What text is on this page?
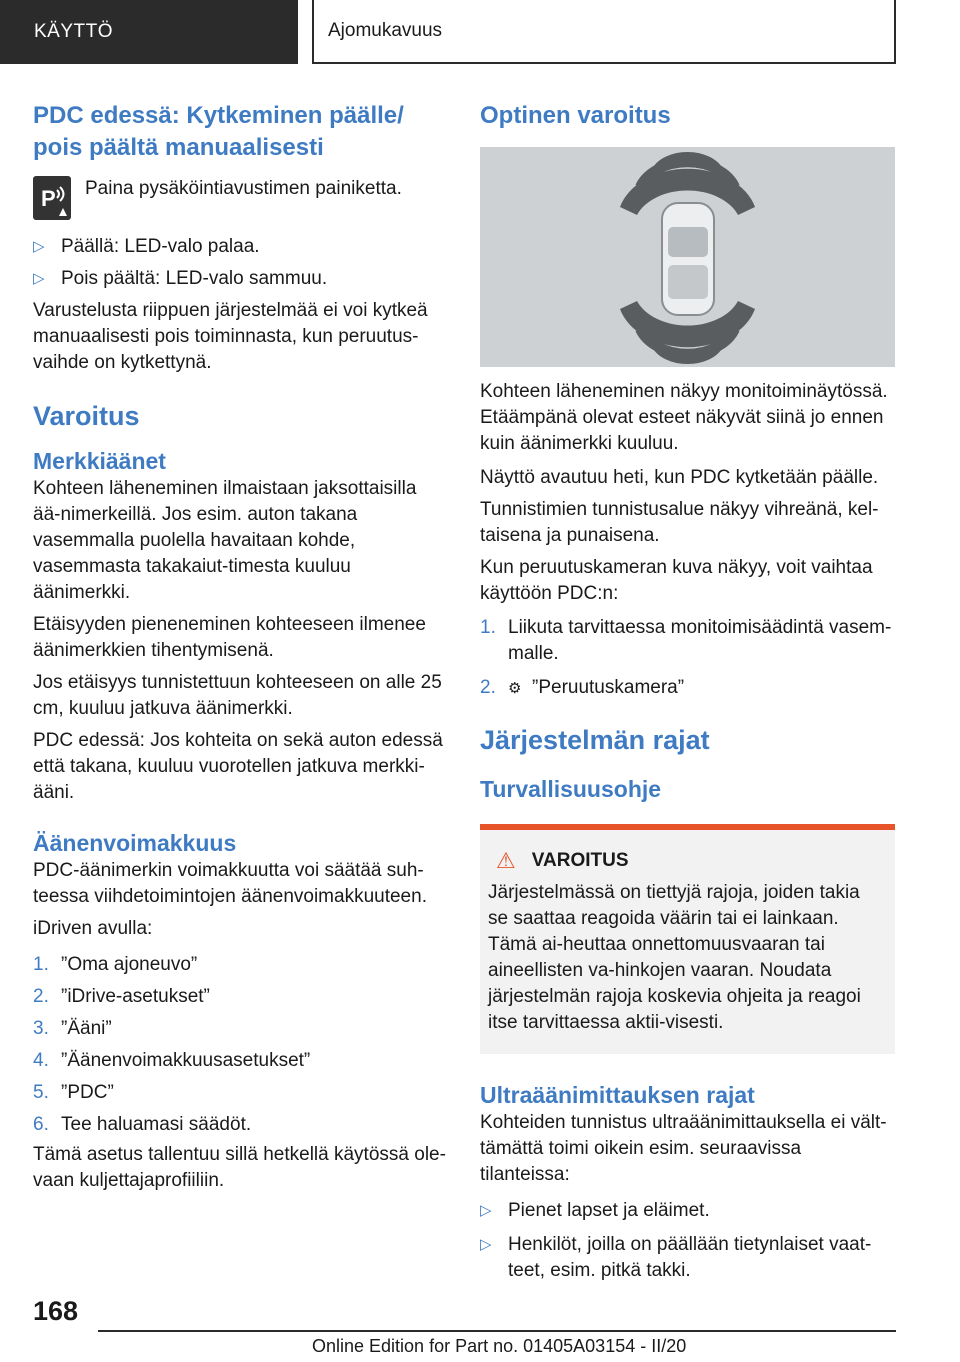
KÄYTTÖ	Ajomukavuus
PDC edessä: Kytkeminen päälle/ pois päältä manuaalisesti
P Paina pysäköintiavustimen painiketta.

▷ Päällä: LED-valo palaa.
▷ Pois päältä: LED-valo sammuu.

Varustelusta riippuen järjestelmää ei voi kytkeä manuaalisesti pois toiminnasta, kun peruutus-vaihde on kytkettynä.

Varoitus
Merkkiäänet

Kohteen läheneminen ilmaistaan jaksottaisilla ää-nimerkeillä. Jos esim. auton takana vasemmalla puolella havaitaan kohde, vasemmasta takakaiut-timesta kuuluu äänimerkki.

Etäisyyden pieneneminen kohteeseen ilmenee äänimerkkien tihentymisenä.

Jos etäisyys tunnistettuun kohteeseen on alle 25 cm, kuuluu jatkuva äänimerkki.

PDC edessä: Jos kohteita on sekä auton edessä että takana, kuuluu vuorotellen jatkuva merkki-ääni.

Äänenvoimakkuus

PDC-äänimerkin voimakkuutta voi säätää suh-teessa viihdetoimintojen äänenvoimakkuuteen.

iDriven avulla:

1. ”Oma ajoneuvo”
2. ”iDrive-asetukset”
3. ”Ääni”
4. ”Äänenvoimakkuusasetukset”
5. ”PDC”
6. Tee haluamasi säädöt.

Tämä asetus tallentuu sillä hetkellä käytössä ole-vaan kuljettajaprofiiliin.

Optinen varoitus

Kohteen läheneminen näkyy monitoiminäytössä. Etäämpänä olevat esteet näkyvät siinä jo ennen kuin äänimerkki kuuluu.

Näyttö avautuu heti, kun PDC kytketään päälle.

Tunnistimien tunnistusalue näkyy vihreänä, kel-taisena ja punaisena.

Kun peruutuskameran kuva näkyy, voit vaihtaa käyttöön PDC:n:

1. Liikuta tarvittaessa monitoimisäädintä vasem-malle.
2. ⚙ ”Peruutuskamera”
Järjestelmän rajat
Turvallisuusohje
⚠ VAROITUS

Järjestelmässä on tiettyjä rajoja, joiden takia se saattaa reagoida väärin tai ei lainkaan. Tämä ai-heuttaa onnettomuusvaaran tai aineellisten va-hinkojen vaaran. Noudata järjestelmän rajoja koskevia ohjeita ja reagoi itse tarvittaessa aktii-visesti.

Ultraäänimittauksen rajat

Kohteiden tunnistus ultraäänimittauksella ei vält-tämättä toimi oikein esim. seuraavissa tilanteissa:

▷ Pienet lapset ja eläimet.
▷ Henkilöt, joilla on päällään tietynlaiset vaat-teet, esim. pitkä takki.
168
Online Edition for Part no. 01405A03154 - II/20
